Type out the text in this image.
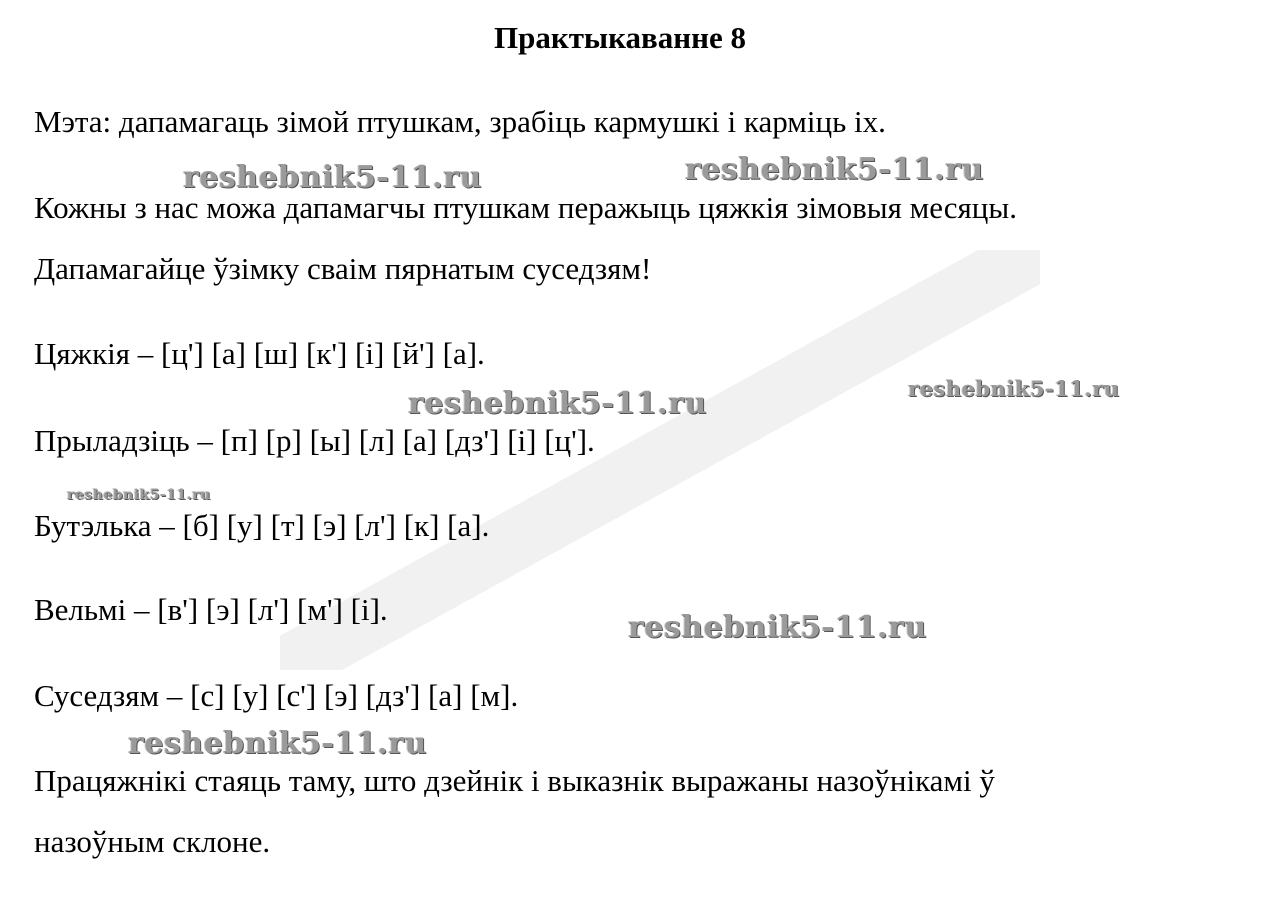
Практыкаванне 8

Мэта: дапамагаць зімой птушкам, зрабіць кармушкі і карміць іх.

Кожны з нас можа дапамагчы птушкам перажыць цяжкія зімовыя месяцы.

Дапамагайце ўзімку сваім пярнатым суседзям!

Цяжкія – [ц'] [а] [ш] [к'] [і] [й'] [а].

Прыладзіць – [п] [р] [ы] [л] [а] [дз'] [і] [ц'].

Бутэлька – [б] [у] [т] [э] [л'] [к] [а].

Вельмі – [в'] [э] [л'] [м'] [і].

Суседзям – [с] [у] [с'] [э] [дз'] [а] [м].

Працяжнікі стаяць таму, што дзейнік і выказнік выражаны назоўнікамі ў

назоўным склоне.

reshebnik5-11.ru	reshebnik5-11.ru
reshebnik5-11.ru	reshebnik5-11.ru
reshebnik5-11.ru
reshebnik5-11.ru
reshebnik5-11.ru
